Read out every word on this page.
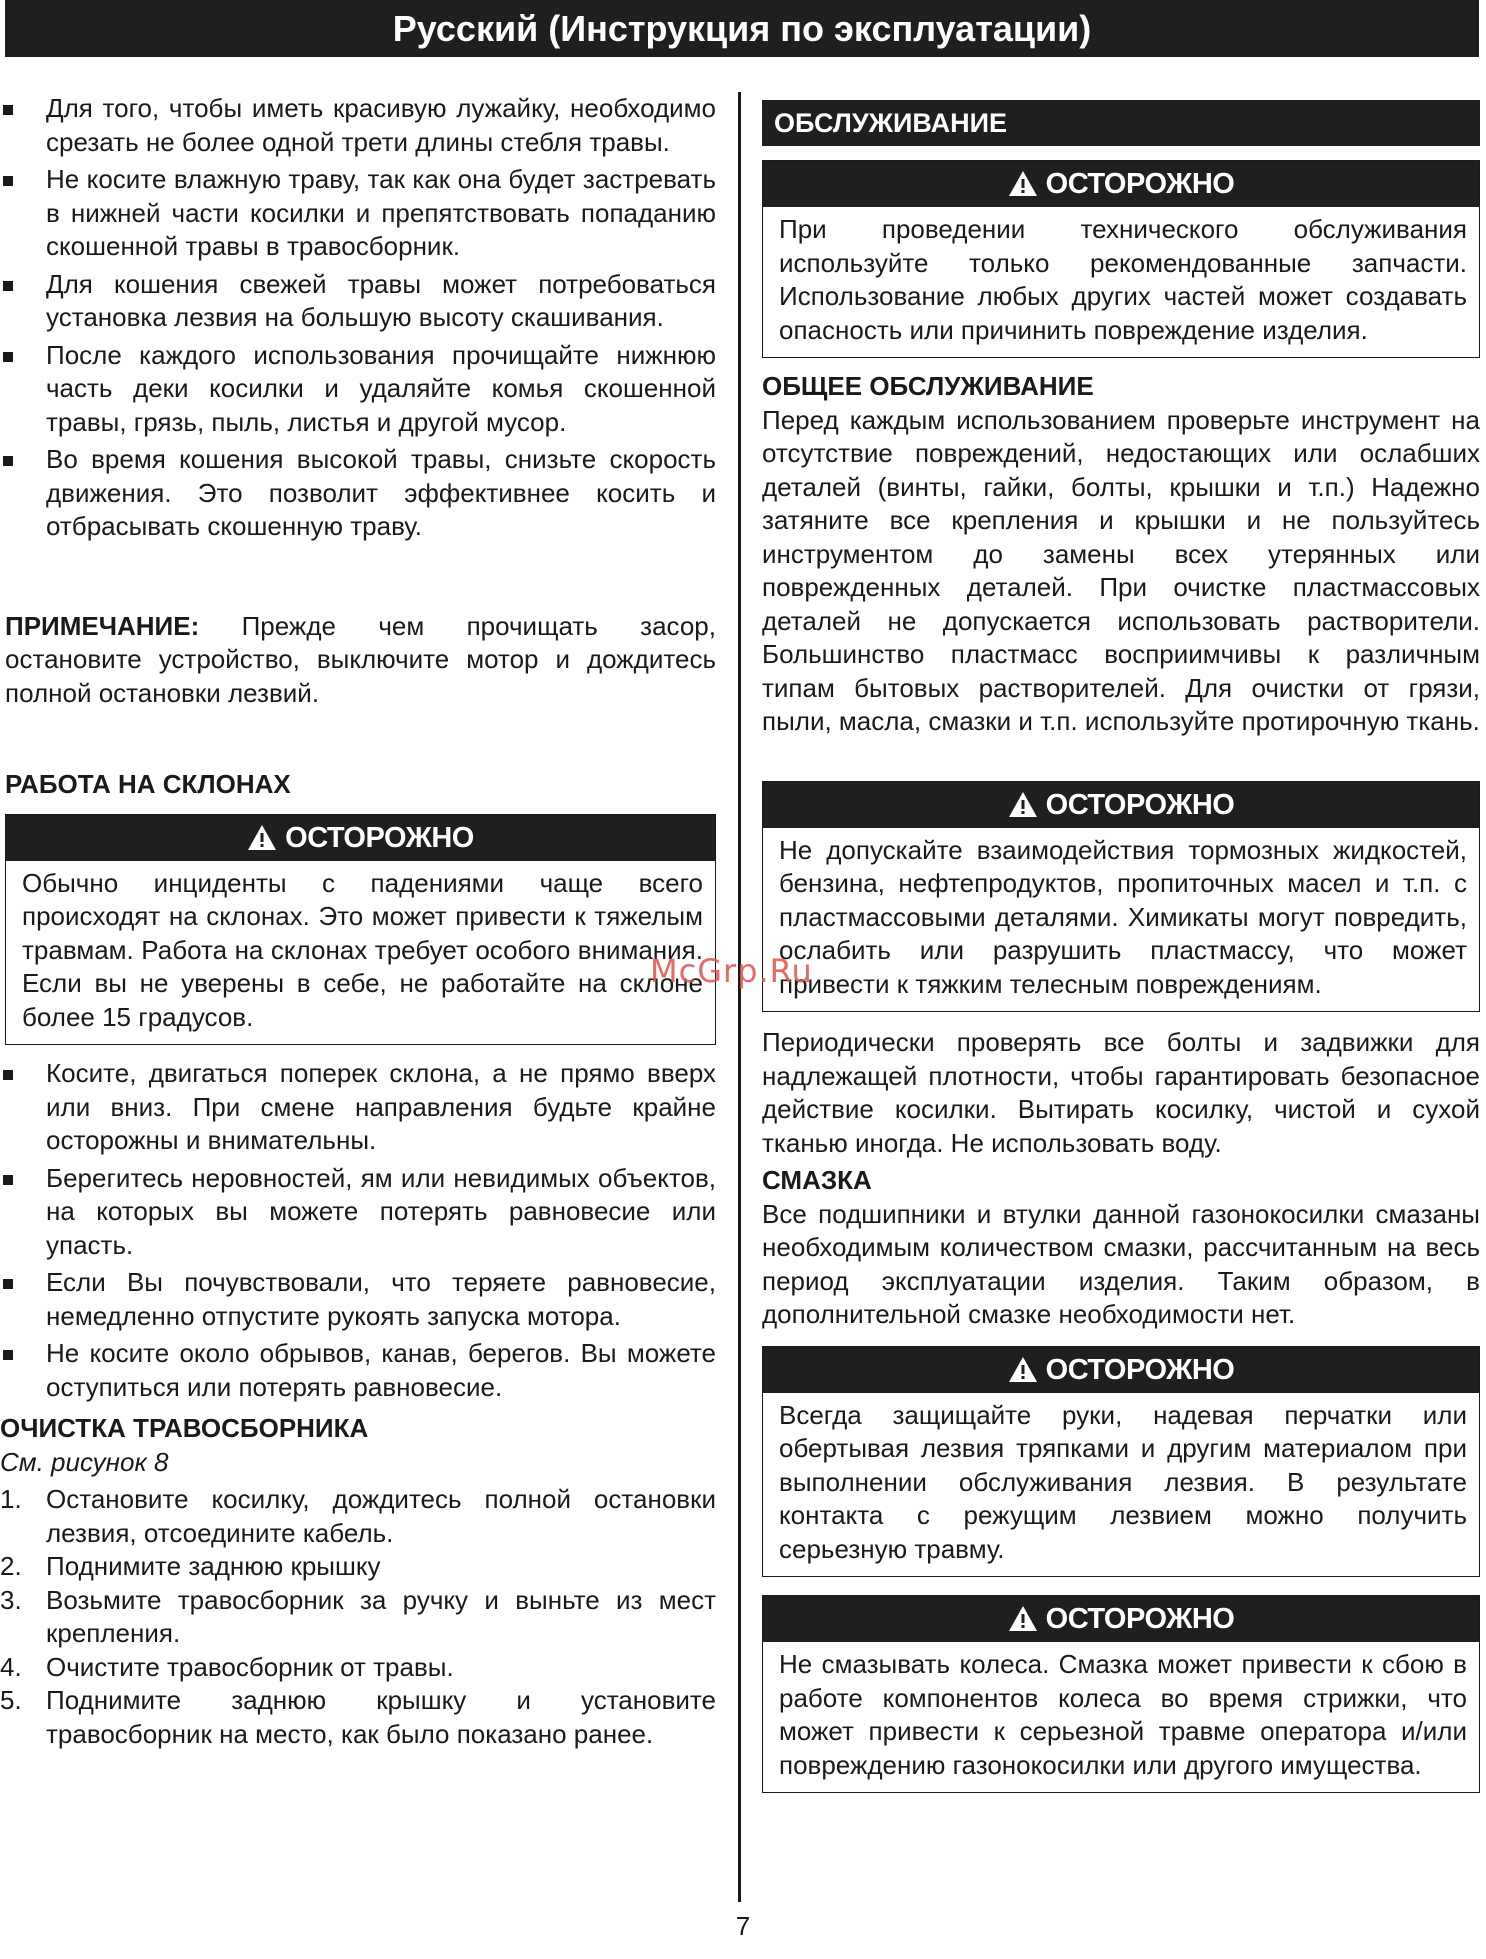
Русский (Инструкция по эксплуатации)
Для того, чтобы иметь красивую лужайку, необходимо срезать не более одной трети длины стебля травы.
Не косите влажную траву, так как она будет застревать в нижней части косилки и препятствовать попаданию скошенной травы в травосборник.
Для кошения свежей травы может потребоваться установка лезвия на большую высоту скашивания.
После каждого использования прочищайте нижнюю часть деки косилки и удаляйте комья скошенной травы, грязь, пыль, листья и другой мусор.
Во время кошения высокой травы, снизьте скорость движения. Это позволит эффективнее косить и отбрасывать скошенную траву.

ПРИМЕЧАНИЕ: Прежде чем прочищать засор, остановите устройство, выключите мотор и дождитесь полной остановки лезвий.

РАБОТА НА СКЛОНАХ

ОСТОРОЖНО
Обычно инциденты с падениями чаще всего происходят на склонах. Это может привести к тяжелым травмам. Работа на склонах требует особого внимания. Если вы не уверены в себе, не работайте на склоне более 15 градусов.
Косите, двигаться поперек склона, а не прямо вверх или вниз. При смене направления будьте крайне осторожны и внимательны.
Берегитесь неровностей, ям или невидимых объектов, на которых вы можете потерять равновесие или упасть.
Если Вы почувствовали, что теряете равновесие, немедленно отпустите рукоять запуска мотора.
Не косите около обрывов, канав, берегов. Вы можете оступиться или потерять равновесие.

ОЧИСТКА ТРАВОСБОРНИКА

См. рисунок 8

1. Остановите косилку, дождитесь полной остановки лезвия, отсоедините кабель.
2. Поднимите заднюю крышку
3. Возьмите травосборник за ручку и выньте из мест крепления.
4. Очистите травосборник от травы.
5. Поднимите заднюю крышку и установите травосборник на место, как было показано ранее.
ОБСЛУЖИВАНИЕ
ОСТОРОЖНО
При проведении технического обслуживания используйте только рекомендованные запчасти. Использование любых других частей может создавать опасность или причинить повреждение изделия.

ОБЩЕЕ ОБСЛУЖИВАНИЕ

Перед каждым использованием проверьте инструмент на отсутствие повреждений, недостающих или ослабших деталей (винты, гайки, болты, крышки и т.п.) Надежно затяните все крепления и крышки и не пользуйтесь инструментом до замены всех утерянных или поврежденных деталей. При очистке пластмассовых деталей не допускается использовать растворители. Большинство пластмасс восприимчивы к различным типам бытовых растворителей. Для очистки от грязи, пыли, масла, смазки и т.п. используйте протирочную ткань.

ОСТОРОЖНО
Не допускайте взаимодействия тормозных жидкостей, бензина, нефтепродуктов, пропиточных масел и т.п. с пластмассовыми деталями. Химикаты могут повредить, ослабить или разрушить пластмассу, что может привести к тяжким телесным повреждениям.

Периодически проверять все болты и задвижки для надлежащей плотности, чтобы гарантировать безопасное действие косилки. Вытирать косилку, чистой и сухой тканью иногда. Не использовать воду.

СМАЗКА

Все подшипники и втулки данной газонокосилки смазаны необходимым количеством смазки, рассчитанным на весь период эксплуатации изделия. Таким образом, в дополнительной смазке необходимости нет.

ОСТОРОЖНО
Всегда защищайте руки, надевая перчатки или обертывая лезвия тряпками и другим материалом при выполнении обслуживания лезвия. В результате контакта с режущим лезвием можно получить серьезную травму.
ОСТОРОЖНО
Не смазывать колеса. Смазка может привести к сбою в работе компонентов колеса во время стрижки, что может привести к серьезной травме оператора и/или повреждению газонокосилки или другого имущества.
McGrp.Ru
7
